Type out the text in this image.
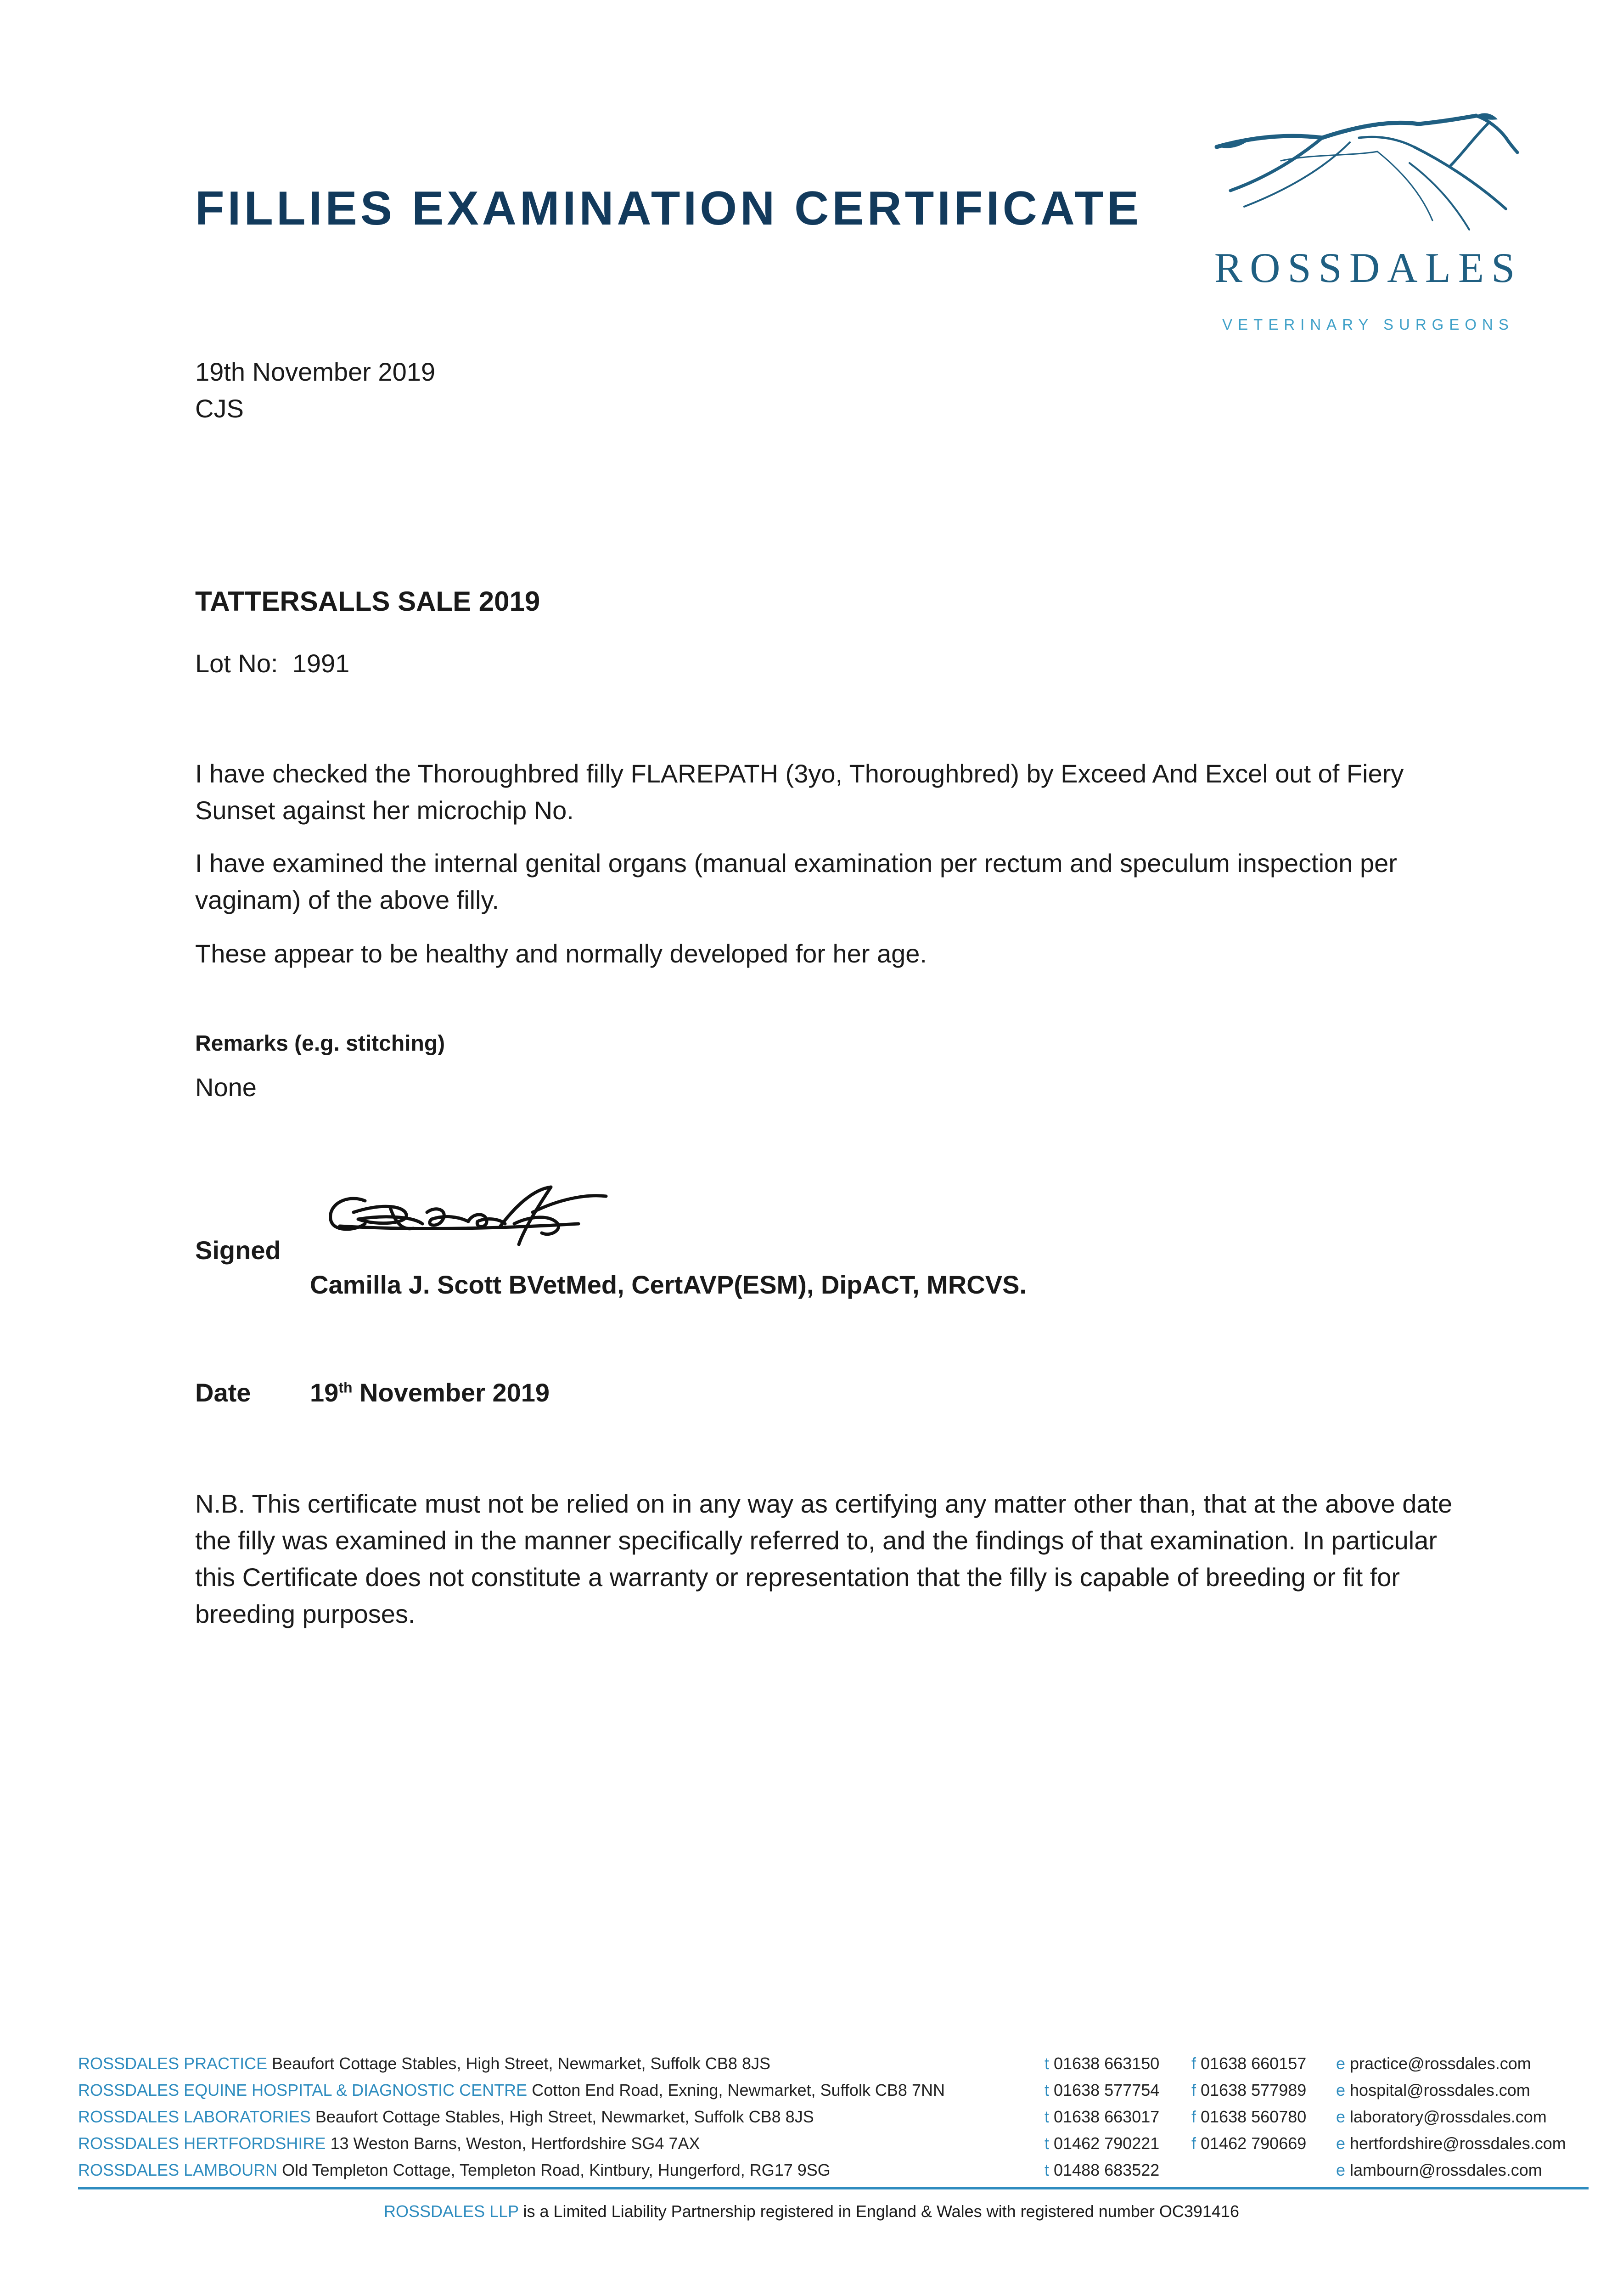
FILLIES EXAMINATION CERTIFICATE
ROSSDALES
VETERINARY SURGEONS
19th November 2019
CJS
TATTERSALLS SALE 2019
Lot No: 1991
I have checked the Thoroughbred filly FLAREPATH (3yo, Thoroughbred) by Exceed And Excel out of Fiery Sunset against her microchip No.
I have examined the internal genital organs (manual examination per rectum and speculum inspection per vaginam) of the above filly.
These appear to be healthy and normally developed for her age.
Remarks (e.g. stitching)
None
Signed
Camilla J. Scott BVetMed, CertAVP(ESM), DipACT, MRCVS.
Date 19th November 2019
N.B. This certificate must not be relied on in any way as certifying any matter other than, that at the above date the filly was examined in the manner specifically referred to, and the findings of that examination. In particular this Certificate does not constitute a warranty or representation that the filly is capable of breeding or fit for breeding purposes.
ROSSDALES PRACTICE Beaufort Cottage Stables, High Street, Newmarket, Suffolk CB8 8JS	t 01638 663150 f 01638 660157 e practice@rossdales.com
ROSSDALES EQUINE HOSPITAL & DIAGNOSTIC CENTRE Cotton End Road, Exning, Newmarket, Suffolk CB8 7NN	t 01638 577754 f 01638 577989 e hospital@rossdales.com
ROSSDALES LABORATORIES Beaufort Cottage Stables, High Street, Newmarket, Suffolk CB8 8JS	t 01638 663017 f 01638 560780 e laboratory@rossdales.com
ROSSDALES HERTFORDSHIRE 13 Weston Barns, Weston, Hertfordshire SG4 7AX	t 01462 790221 f 01462 790669 e hertfordshire@rossdales.com
ROSSDALES LAMBOURN Old Templeton Cottage, Templeton Road, Kintbury, Hungerford, RG17 9SG	t 01488 683522	e lambourn@rossdales.com
ROSSDALES LLP is a Limited Liability Partnership registered in England & Wales with registered number OC391416
